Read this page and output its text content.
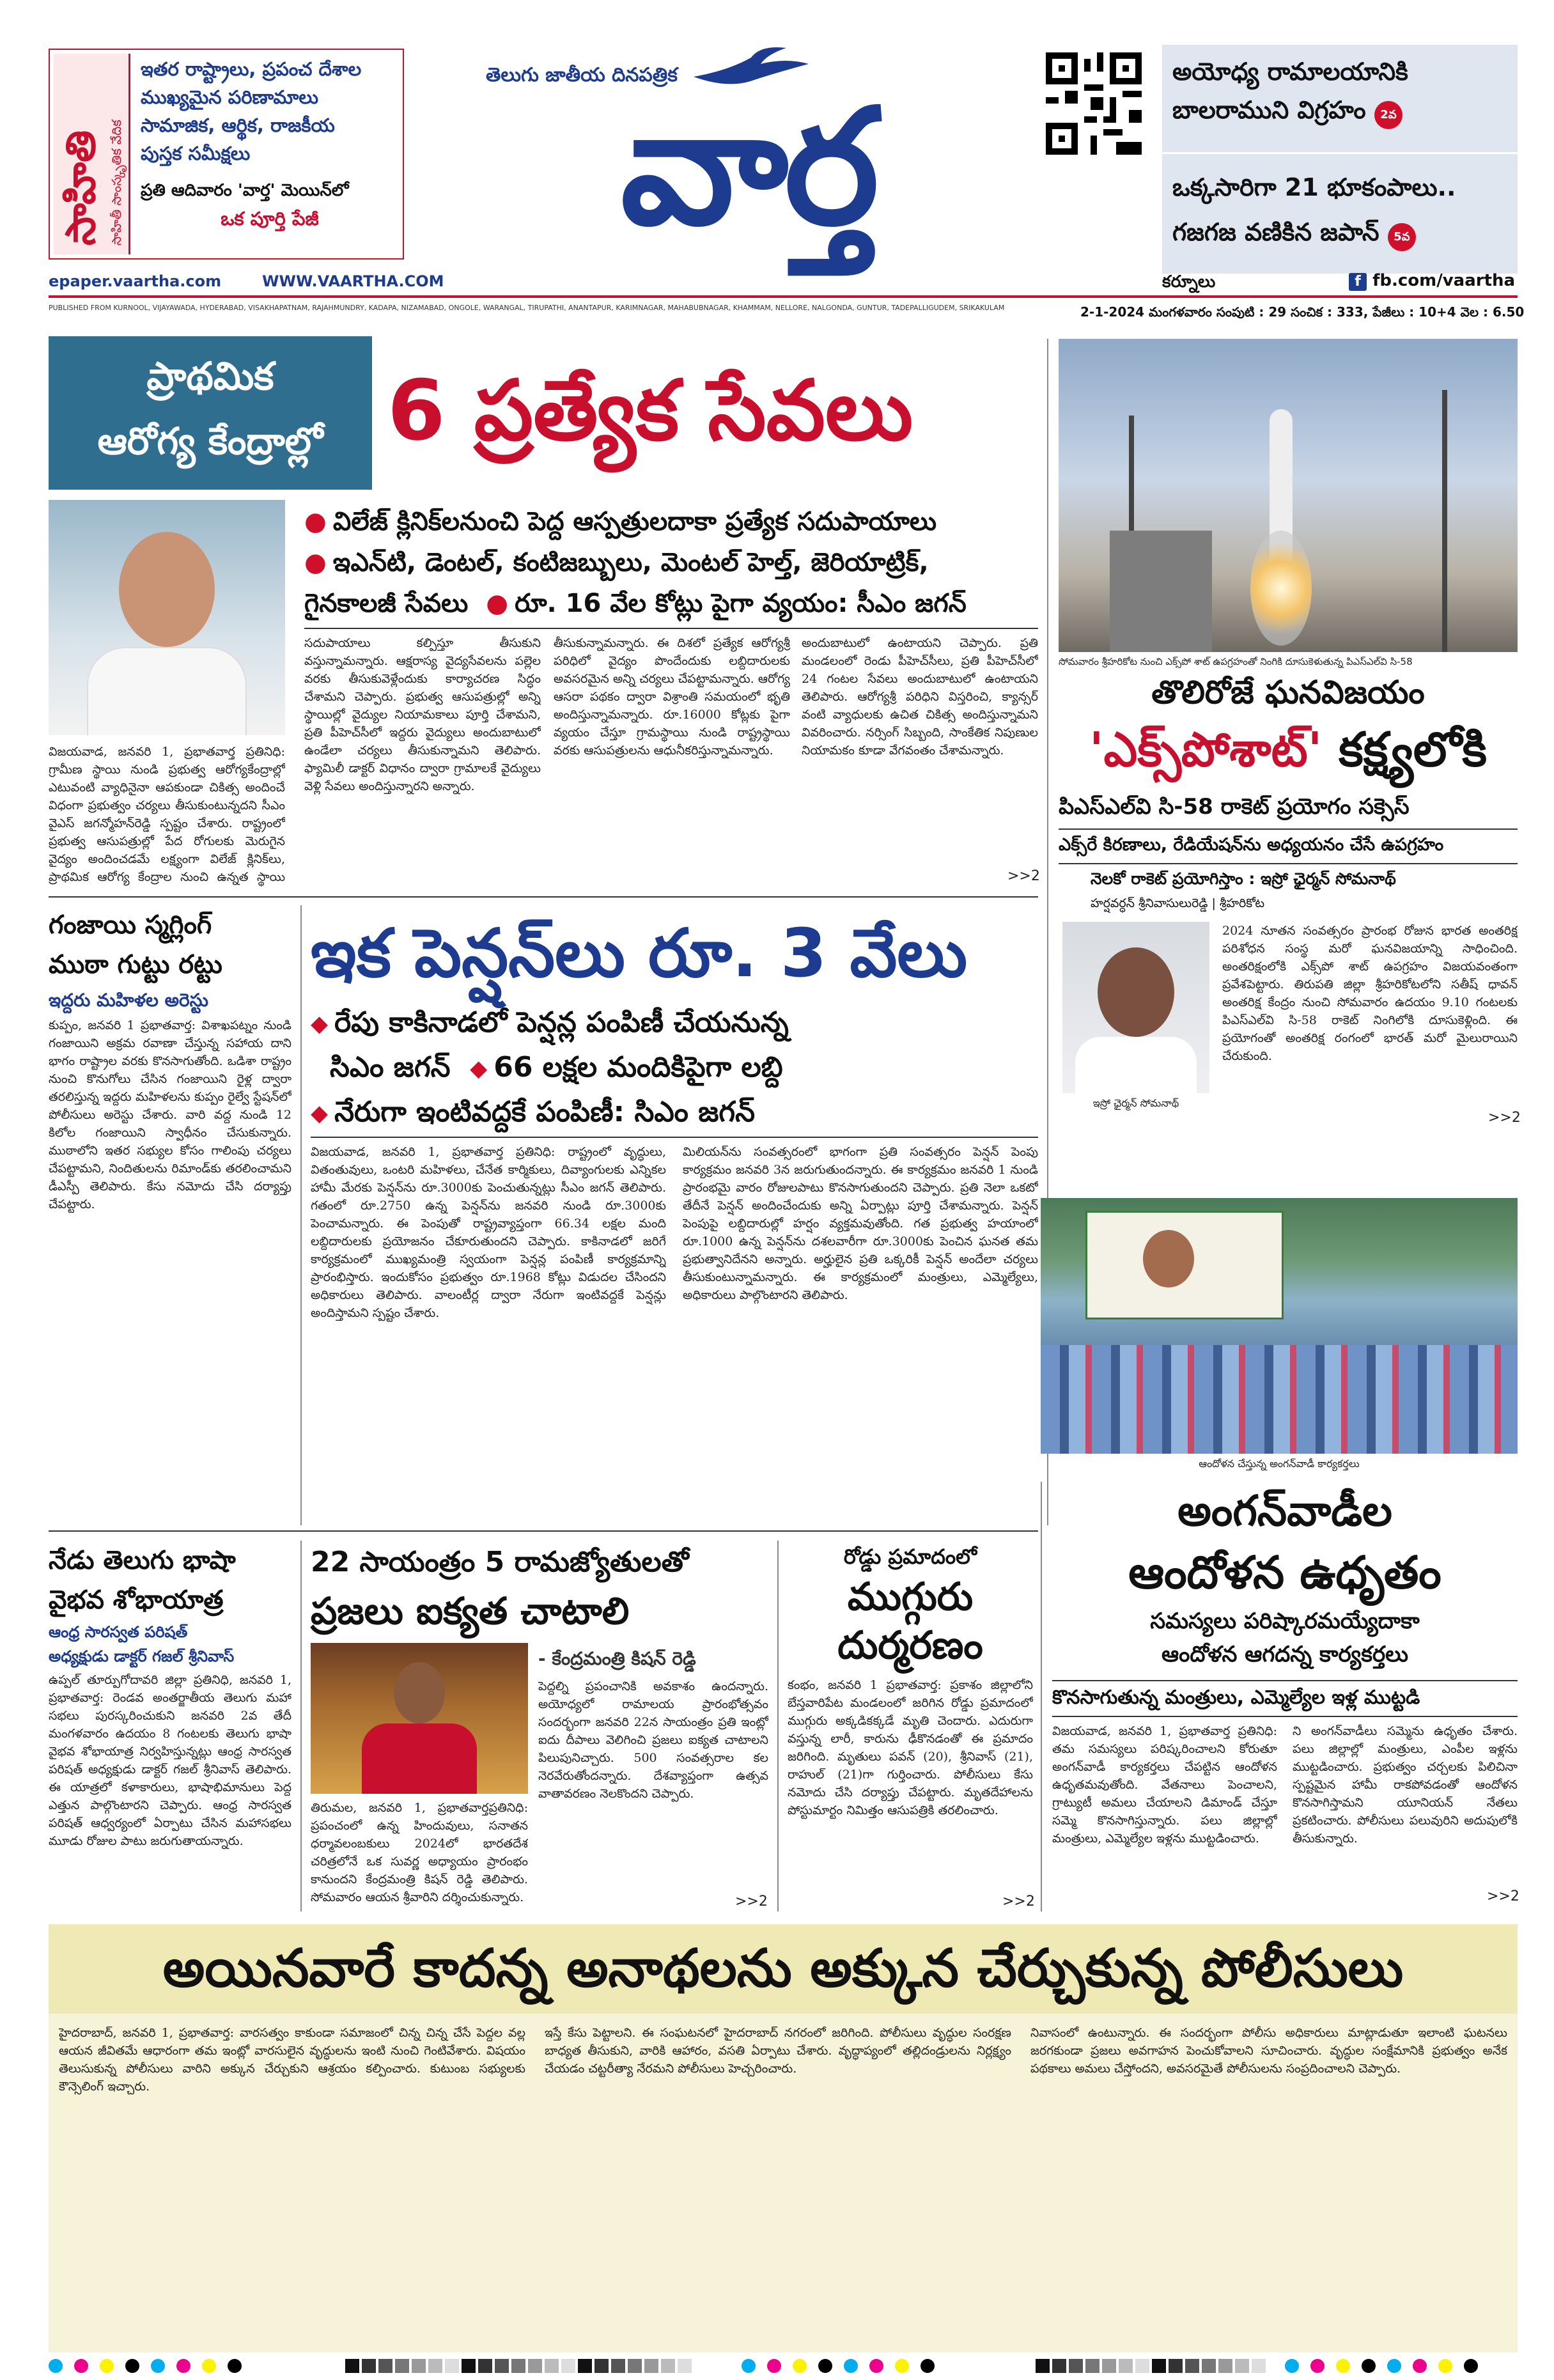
సాహితి సాహితీ సాంస్కృతిక వేదిక
ఇతర రాష్ట్రాలు, ప్రపంచ దేశాల
ముఖ్యమైన పరిణామాలు
సామాజిక, ఆర్థిక, రాజకీయ
పుస్తక సమీక్షలు
ప్రతి ఆదివారం 'వార్త' మెయిన్‌లో
ఒక పూర్తి పేజీ
తెలుగు జాతీయ దినపత్రిక
వార్త
అయోధ్య రామాలయానికి
బాలరాముని విగ్రహం 2వ
ఒక్కసారిగా 21 భూకంపాలు..
గజగజ వణికిన జపాన్ 5వ
epaper.vaartha.com	WWW.VAARTHA.COM	కర్నూలు	f fb.com/vaartha
PUBLISHED FROM KURNOOL, VIJAYAWADA, HYDERABAD, VISAKHAPATNAM, RAJAHMUNDRY, KADAPA, NIZAMABAD, ONGOLE, WARANGAL, TIRUPATHI, ANANTAPUR, KARIMNAGAR, MAHABUBNAGAR, KHAMMAM, NELLORE, NALGONDA, GUNTUR, TADEPALLIGUDEM, SRIKAKULAM	2-1-2024 మంగళవారం సంపుటి : 29 సంచిక : 333, పేజీలు : 10+4 వెల : 6.50
ప్రాథమిక
ఆరోగ్య కేంద్రాల్లో 6 ప్రత్యేక సేవలు
● విలేజ్ క్లినిక్‌లనుంచి పెద్ద ఆస్పత్రులదాకా ప్రత్యేక సదుపాయాలు
● ఇఎన్‌టి, డెంటల్, కంటిజబ్బులు, మెంటల్ హెల్త్, జెరియాట్రిక్,
గైనకాలజీ సేవలు ● రూ. 16 వేల కోట్లు పైగా వ్యయం: సీఎం జగన్
విజయవాడ, జనవరి 1, ప్రభాతవార్త ప్రతినిధి: గ్రామీణ స్థాయి నుండి ప్రభుత్వ ఆరోగ్యకేంద్రాల్లో ఎటువంటి వ్యాధినైనా ఆపకుండా చికిత్స అందించే విధంగా ప్రభుత్వం చర్యలు తీసుకుంటున్నదని సీఎం వైఎస్ జగన్మోహన్‌రెడ్డి స్పష్టం చేశారు. రాష్ట్రంలో ప్రభుత్వ ఆసుపత్రుల్లో పేద రోగులకు మెరుగైన వైద్యం అందించడమే లక్ష్యంగా విలేజ్ క్లినిక్‌లు, ప్రాథమిక ఆరోగ్య కేంద్రాల నుంచి ఉన్నత స్థాయి
సదుపాయాలు కల్పిస్తూ తీసుకుని వస్తున్నామన్నారు. ఆక్షరాస్య వైద్యసేవలను పల్లెల వరకు తీసుకువెళ్లేందుకు కార్యాచరణ సిద్ధం చేశామని చెప్పారు. ప్రభుత్వ ఆసుపత్రుల్లో అన్ని స్థాయిల్లో వైద్యుల నియామకాలు పూర్తి చేశామని, ప్రతి పీహెచ్‌సీలో ఇద్దరు వైద్యులు అందుబాటులో ఉండేలా చర్యలు తీసుకున్నామని తెలిపారు. ఫ్యామిలీ డాక్టర్ విధానం ద్వారా గ్రామాలకే వైద్యులు వెళ్లి సేవలు అందిస్తున్నారని అన్నారు.
తీసుకున్నామన్నారు. ఈ దిశలో ప్రత్యేక ఆరోగ్యశ్రీ పరిధిలో వైద్యం పొందేందుకు లబ్దిదారులకు అవసరమైన అన్ని చర్యలు చేపట్టామన్నారు. ఆరోగ్య ఆసరా పథకం ద్వారా విశ్రాంతి సమయంలో భృతి అందిస్తున్నామన్నారు. రూ.16000 కోట్లకు పైగా వ్యయం చేస్తూ గ్రామస్థాయి నుండి రాష్ట్రస్థాయి వరకు ఆసుపత్రులను ఆధునీకరిస్తున్నామన్నారు.
అందుబాటులో ఉంటాయని చెప్పారు. ప్రతి మండలంలో రెండు పీహెచ్‌సీలు, ప్రతి పీహెచ్‌సీలో 24 గంటల సేవలు అందుబాటులో ఉంటాయని తెలిపారు. ఆరోగ్యశ్రీ పరిధిని విస్తరించి, క్యాన్సర్ వంటి వ్యాధులకు ఉచిత చికిత్స అందిస్తున్నామని వివరించారు. నర్సింగ్ సిబ్బంది, సాంకేతిక నిపుణుల నియామకం కూడా వేగవంతం చేశామన్నారు.
>>2
సోమవారం శ్రీహరికోట నుంచి ఎక్స్‌పో శాట్ ఉపగ్రహంతో నింగికి దూసుకెళుతున్న పిఎస్‌ఎల్‌వి సి-58
తొలిరోజే ఘనవిజయం
'ఎక్స్‌పోశాట్' కక్ష్యలోకి
పిఎస్‌ఎల్‌వి సి-58 రాకెట్ ప్రయోగం సక్సెస్
ఎక్స్‌రే కిరణాలు, రేడియేషన్‌ను అధ్యయనం చేసే ఉపగ్రహం
నెలకో రాకెట్ ప్రయోగిస్తాం : ఇస్రో ఛైర్మన్ సోమనాథ్
హర్షవర్ధన్ శ్రీనివాసులురెడ్డి | శ్రీహరికోట
ఇస్రో ఛైర్మన్ సోమనాథ్
2024 నూతన సంవత్సరం ప్రారంభ రోజున భారత అంతరిక్ష పరిశోధన సంస్థ మరో ఘనవిజయాన్ని సాధించింది. అంతరిక్షంలోకి ఎక్స్‌పో శాట్ ఉపగ్రహం విజయవంతంగా ప్రవేశపెట్టారు. తిరుపతి జిల్లా శ్రీహరికోటలోని సతీష్ ధావన్ అంతరిక్ష కేంద్రం నుంచి సోమవారం ఉదయం 9.10 గంటలకు పిఎస్‌ఎల్‌వి సి-58 రాకెట్ నింగిలోకి దూసుకెళ్లింది. ఈ ప్రయోగంతో అంతరిక్ష రంగంలో భారత్ మరో మైలురాయిని చేరుకుంది.
>>2
గంజాయి స్మగ్లింగ్
ముఠా గుట్టు రట్టు
ఇద్దరు మహిళల అరెస్టు
కుప్పం, జనవరి 1 ప్రభాతవార్త: విశాఖపట్నం నుండి గంజాయిని అక్రమ రవాణా చేస్తున్న సహాయ దాని భాగం రాష్ట్రాల వరకు కొనసాగుతోంది. ఒడిశా రాష్ట్రం నుంచి కొనుగోలు చేసిన గంజాయిని రైళ్ల ద్వారా తరలిస్తున్న ఇద్దరు మహిళలను కుప్పం రైల్వే స్టేషన్‌లో పోలీసులు అరెస్టు చేశారు. వారి వద్ద నుండి 12 కిలోల గంజాయిని స్వాధీనం చేసుకున్నారు. ముఠాలోని ఇతర సభ్యుల కోసం గాలింపు చర్యలు చేపట్టామని, నిందితులను రిమాండ్‌కు తరలించామని డీఎస్పీ తెలిపారు. కేసు నమోదు చేసి దర్యాప్తు చేపట్టారు.
ఇక పెన్షన్‌లు రూ. 3 వేలు
◆ రేపు కాకినాడలో పెన్షన్ల పంపిణీ చేయనున్న
సిఎం జగన్ ◆ 66 లక్షల మందికిపైగా లబ్ది
◆ నేరుగా ఇంటివద్దకే పంపిణీ: సిఎం జగన్
విజయవాడ, జనవరి 1, ప్రభాతవార్త ప్రతినిధి: రాష్ట్రంలో వృద్ధులు, వితంతువులు, ఒంటరి మహిళలు, చేనేత కార్మికులు, దివ్యాంగులకు ఎన్నికల హామీ మేరకు పెన్షన్‌ను రూ.3000కు పెంచుతున్నట్లు సీఎం జగన్ తెలిపారు. గతంలో రూ.2750 ఉన్న పెన్షన్‌ను జనవరి నుండి రూ.3000కు పెంచామన్నారు. ఈ పెంపుతో రాష్ట్రవ్యాప్తంగా 66.34 లక్షల మంది లబ్దిదారులకు ప్రయోజనం చేకూరుతుందని చెప్పారు. కాకినాడలో జరిగే కార్యక్రమంలో ముఖ్యమంత్రి స్వయంగా పెన్షన్ల పంపిణీ కార్యక్రమాన్ని ప్రారంభిస్తారు. ఇందుకోసం ప్రభుత్వం రూ.1968 కోట్లు విడుదల చేసిందని అధికారులు తెలిపారు. వాలంటీర్ల ద్వారా నేరుగా ఇంటివద్దకే పెన్షన్లు అందిస్తామని స్పష్టం చేశారు.
మిలియన్‌ను సంవత్సరంలో భాగంగా ప్రతి సంవత్సరం పెన్షన్ పెంపు కార్యక్రమం జనవరి 3న జరుగుతుందన్నారు. ఈ కార్యక్రమం జనవరి 1 నుండి ప్రారంభమై వారం రోజులపాటు కొనసాగుతుందని చెప్పారు. ప్రతి నెలా ఒకటో తేదీనే పెన్షన్ అందించేందుకు అన్ని ఏర్పాట్లు పూర్తి చేశామన్నారు. పెన్షన్ పెంపుపై లబ్దిదారుల్లో హర్షం వ్యక్తమవుతోంది. గత ప్రభుత్వ హయాంలో రూ.1000 ఉన్న పెన్షన్‌ను దశలవారీగా రూ.3000కు పెంచిన ఘనత తమ ప్రభుత్వానిదేనని అన్నారు. అర్హులైన ప్రతి ఒక్కరికీ పెన్షన్ అందేలా చర్యలు తీసుకుంటున్నామన్నారు. ఈ కార్యక్రమంలో మంత్రులు, ఎమ్మెల్యేలు, అధికారులు పాల్గొంటారని తెలిపారు.
ఆందోళన చేస్తున్న అంగన్‌వాడీ కార్యకర్తలు
నేడు తెలుగు భాషా
వైభవ శోభాయాత్ర
ఆంధ్ర సారస్వత పరిషత్
అధ్యక్షుడు డాక్టర్ గజల్ శ్రీనివాస్
ఉప్పల్ తూర్పుగోదావరి జిల్లా ప్రతినిధి, జనవరి 1, ప్రభాతవార్త: రెండవ అంతర్జాతీయ తెలుగు మహా సభలు పురస్కరించుకుని జనవరి 2వ తేదీ మంగళవారం ఉదయం 8 గంటలకు తెలుగు భాషా వైభవ శోభాయాత్ర నిర్వహిస్తున్నట్లు ఆంధ్ర సారస్వత పరిషత్ అధ్యక్షుడు డాక్టర్ గజల్ శ్రీనివాస్ తెలిపారు. ఈ యాత్రలో కళాకారులు, భాషాభిమానులు పెద్ద ఎత్తున పాల్గొంటారని చెప్పారు. ఆంధ్ర సారస్వత పరిషత్ ఆధ్వర్యంలో ఏర్పాటు చేసిన మహాసభలు మూడు రోజుల పాటు జరుగుతాయన్నారు.
22 సాయంత్రం 5 రామజ్యోతులతో
ప్రజలు ఐక్యత చాటాలి
- కేంద్రమంత్రి కిషన్ రెడ్డి
తిరుమల, జనవరి 1, ప్రభాతవార్తప్రతినిధి: ప్రపంచంలో ఉన్న హిందువులు, సనాతన ధర్మావలంబకులు 2024లో భారతదేశ చరిత్రలోనే ఒక సువర్ణ అధ్యాయం ప్రారంభం కానుందని కేంద్రమంత్రి కిషన్ రెడ్డి తెలిపారు. సోమవారం ఆయన శ్రీవారిని దర్శించుకున్నారు.
పెద్దల్ని ప్రపంచానికి అవకాశం ఉందన్నారు. అయోధ్యలో రామాలయ ప్రారంభోత్సవం సందర్భంగా జనవరి 22న సాయంత్రం ప్రతి ఇంట్లో ఐదు దీపాలు వెలిగించి ప్రజలు ఐక్యత చాటాలని పిలుపునిచ్చారు. 500 సంవత్సరాల కల నెరవేరుతోందన్నారు. దేశవ్యాప్తంగా ఉత్సవ వాతావరణం నెలకొందని చెప్పారు.
>>2
రోడ్డు ప్రమాదంలో
ముగ్గురు
దుర్మరణం
కంభం, జనవరి 1 ప్రభాతవార్త: ప్రకాశం జిల్లాలోని బేస్తవారిపేట మండలంలో జరిగిన రోడ్డు ప్రమాదంలో ముగ్గురు అక్కడికక్కడే మృతి చెందారు. ఎదురుగా వస్తున్న లారీ, కారును ఢీకొనడంతో ఈ ప్రమాదం జరిగింది. మృతులు పవన్ (20), శ్రీనివాస్ (21), రాహుల్ (21)గా గుర్తించారు. పోలీసులు కేసు నమోదు చేసి దర్యాప్తు చేపట్టారు. మృతదేహాలను పోస్టుమార్టం నిమిత్తం ఆసుపత్రికి తరలించారు.
>>2
అంగన్‌వాడీల
ఆందోళన ఉధృతం
సమస్యలు పరిష్కారమయ్యేదాకా
ఆందోళన ఆగదన్న కార్యకర్తలు
కొనసాగుతున్న మంత్రులు, ఎమ్మెల్యేల ఇళ్ల ముట్టడి
విజయవాడ, జనవరి 1, ప్రభాతవార్త ప్రతినిధి: తమ సమస్యలు పరిష్కరించాలని కోరుతూ అంగన్‌వాడీ కార్యకర్తలు చేపట్టిన ఆందోళన ఉధృతమవుతోంది. వేతనాలు పెంచాలని, గ్రాట్యుటీ అమలు చేయాలని డిమాండ్ చేస్తూ సమ్మె కొనసాగిస్తున్నారు. పలు జిల్లాల్లో మంత్రులు, ఎమ్మెల్యేల ఇళ్లను ముట్టడించారు.
ని అంగన్‌వాడీలు సమ్మెను ఉధృతం చేశారు. పలు జిల్లాల్లో మంత్రులు, ఎంపీల ఇళ్లను ముట్టడించారు. ప్రభుత్వం చర్చలకు పిలిచినా స్పష్టమైన హామీ రాకపోవడంతో ఆందోళన కొనసాగిస్తామని యూనియన్ నేతలు ప్రకటించారు. పోలీసులు పలువురిని అదుపులోకి తీసుకున్నారు.
>>2
అయినవారే కాదన్న అనాథలను అక్కున చేర్చుకున్న పోలీసులు
హైదరాబాద్, జనవరి 1, ప్రభాతవార్త: వారసత్వం కాకుండా సమాజంలో చిన్న చిన్న చేసే పెద్దల వల్ల ఆయన జీవితమే ఆధారంగా తమ ఇంట్లో వారసులైన వృద్ధులను ఇంటి నుంచి గెంటివేశారు. విషయం తెలుసుకున్న పోలీసులు వారిని అక్కున చేర్చుకుని ఆశ్రయం కల్పించారు. కుటుంబ సభ్యులకు కౌన్సెలింగ్ ఇచ్చారు.
ఇస్తే కేసు పెట్టాలని. ఈ సంఘటనలో హైదరాబాద్ నగరంలో జరిగింది. పోలీసులు వృద్ధుల సంరక్షణ బాధ్యత తీసుకుని, వారికి ఆహారం, వసతి ఏర్పాటు చేశారు. వృద్ధాప్యంలో తల్లిదండ్రులను నిర్లక్ష్యం చేయడం చట్టరీత్యా నేరమని పోలీసులు హెచ్చరించారు.
నివాసంలో ఉంటున్నారు. ఈ సందర్భంగా పోలీసు అధికారులు మాట్లాడుతూ ఇలాంటి ఘటనలు జరగకుండా ప్రజలు అవగాహన పెంచుకోవాలని సూచించారు. వృద్ధుల సంక్షేమానికి ప్రభుత్వం అనేక పథకాలు అమలు చేస్తోందని, అవసరమైతే పోలీసులను సంప్రదించాలని చెప్పారు.
